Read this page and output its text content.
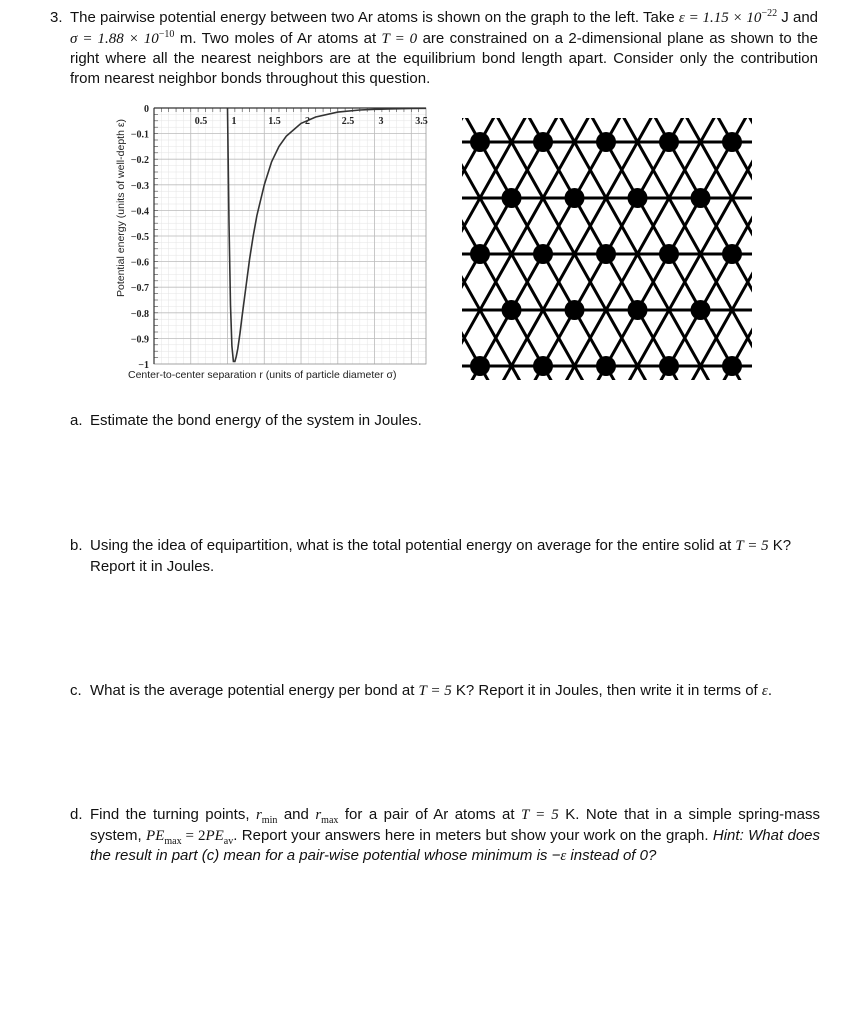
3. The pairwise potential energy between two Ar atoms is shown on the graph to the left. Take $\varepsilon = 1.15 \times 10^{-22}$ J and $\sigma = 1.88 \times 10^{-10}$ m. Two moles of Ar atoms at T = 0 are constrained on a 2-dimensional plane as shown to the right where all the nearest neighbors are at the equilibrium bond length apart. Consider only the contribution from nearest neighbor bonds throughout this question.
0.5 1	1.5 2	2.5 3	3.5
0
−0.1
−0.2
−0.3
−0.4
−0.5
−0.6
−0.7
−0.8
−0.9
−1
Potential energy (units of well-depth ε)
Center-to-center separation r (units of particle diameter σ)
a. Estimate the bond energy of the system in Joules.
b. Using the idea of equipartition, what is the total potential energy on average for the entire solid at T = 5 K? Report it in Joules.
c. What is the average potential energy per bond at T = 5 K? Report it in Joules, then write it in terms of ε.
d. Find the turning points, $r_{min}$ and $r_{max}$ for a pair of Ar atoms at T = 5 K. Note that in a simple spring-mass system, $PE_{max} = 2PE_{av}$. Report your answers here in meters but show your work on the graph. Hint: What does the result in part (c) mean for a pair-wise potential whose minimum is −ε instead of 0?
